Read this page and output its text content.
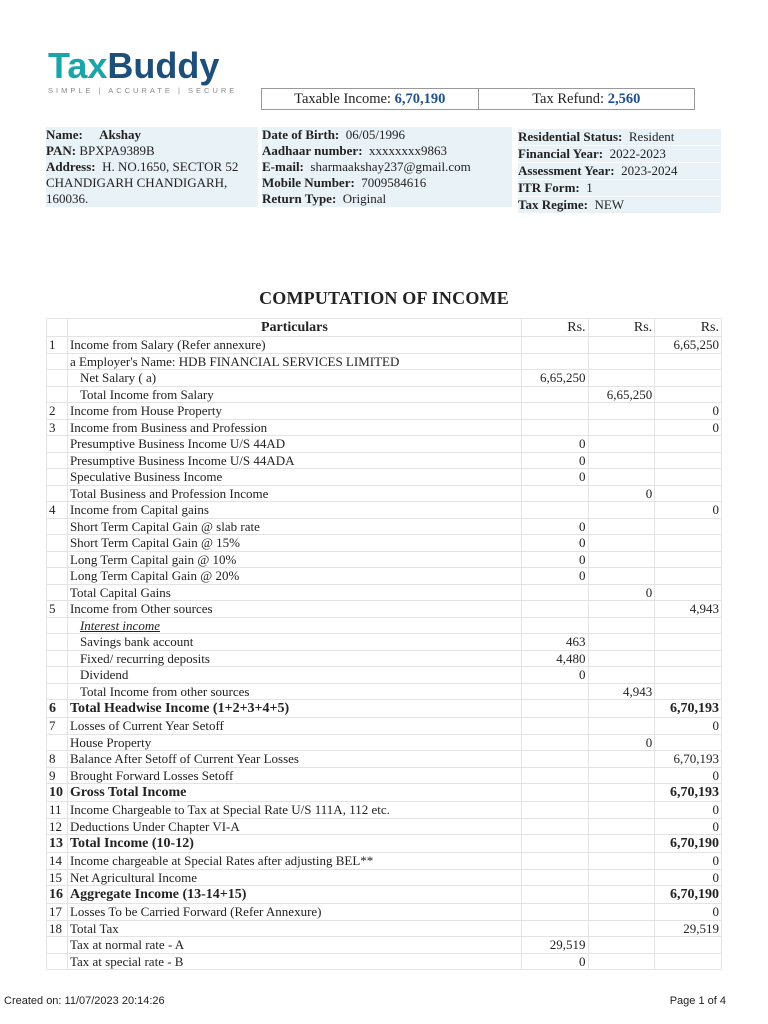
TaxBuddy
SIMPLE | ACCURATE | SECURE
Taxable Income: 6,70,190	Tax Refund: 2,560
Name: Akshay
PAN: BPXPA9389B
Address: H. NO.1650, SECTOR 52
CHANDIGARH CHANDIGARH,
160036.
Date of Birth: 06/05/1996
Aadhaar number: xxxxxxxx9863
E-mail: sharmaakshay237@gmail.com
Mobile Number: 7009584616
Return Type: Original
Residential Status: Resident
Financial Year: 2022-2023
Assessment Year: 2023-2024
ITR Form: 1
Tax Regime: NEW
COMPUTATION OF INCOME
	Particulars	Rs.	Rs.	Rs.
1	Income from Salary (Refer annexure)			6,65,250
	a Employer's Name: HDB FINANCIAL SERVICES LIMITED			
	Net Salary ( a)	6,65,250		
	Total Income from Salary		6,65,250	
2	Income from House Property			0
3	Income from Business and Profession			0
	Presumptive Business Income U/S 44AD	0		
	Presumptive Business Income U/S 44ADA	0		
	Speculative Business Income	0		
	Total Business and Profession Income		0	
4	Income from Capital gains			0
	Short Term Capital Gain @ slab rate	0		
	Short Term Capital Gain @ 15%	0		
	Long Term Capital gain @ 10%	0		
	Long Term Capital Gain @ 20%	0		
	Total Capital Gains		0	
5	Income from Other sources			4,943
	Interest income			
	Savings bank account	463		
	Fixed/ recurring deposits	4,480		
	Dividend	0		
	Total Income from other sources		4,943	
6	Total Headwise Income (1+2+3+4+5)			6,70,193
7	Losses of Current Year Setoff			0
	House Property		0	
8	Balance After Setoff of Current Year Losses			6,70,193
9	Brought Forward Losses Setoff			0
10	Gross Total Income			6,70,193
11	Income Chargeable to Tax at Special Rate U/S 111A, 112 etc.			0
12	Deductions Under Chapter VI-A			0
13	Total Income (10-12)			6,70,190
14	Income chargeable at Special Rates after adjusting BEL**			0
15	Net Agricultural Income			0
16	Aggregate Income (13-14+15)			6,70,190
17	Losses To be Carried Forward (Refer Annexure)			0
18	Total Tax			29,519
	Tax at normal rate - A	29,519		
	Tax at special rate - B	0		
Created on: 11/07/2023 20:14:26	Page 1 of 4
